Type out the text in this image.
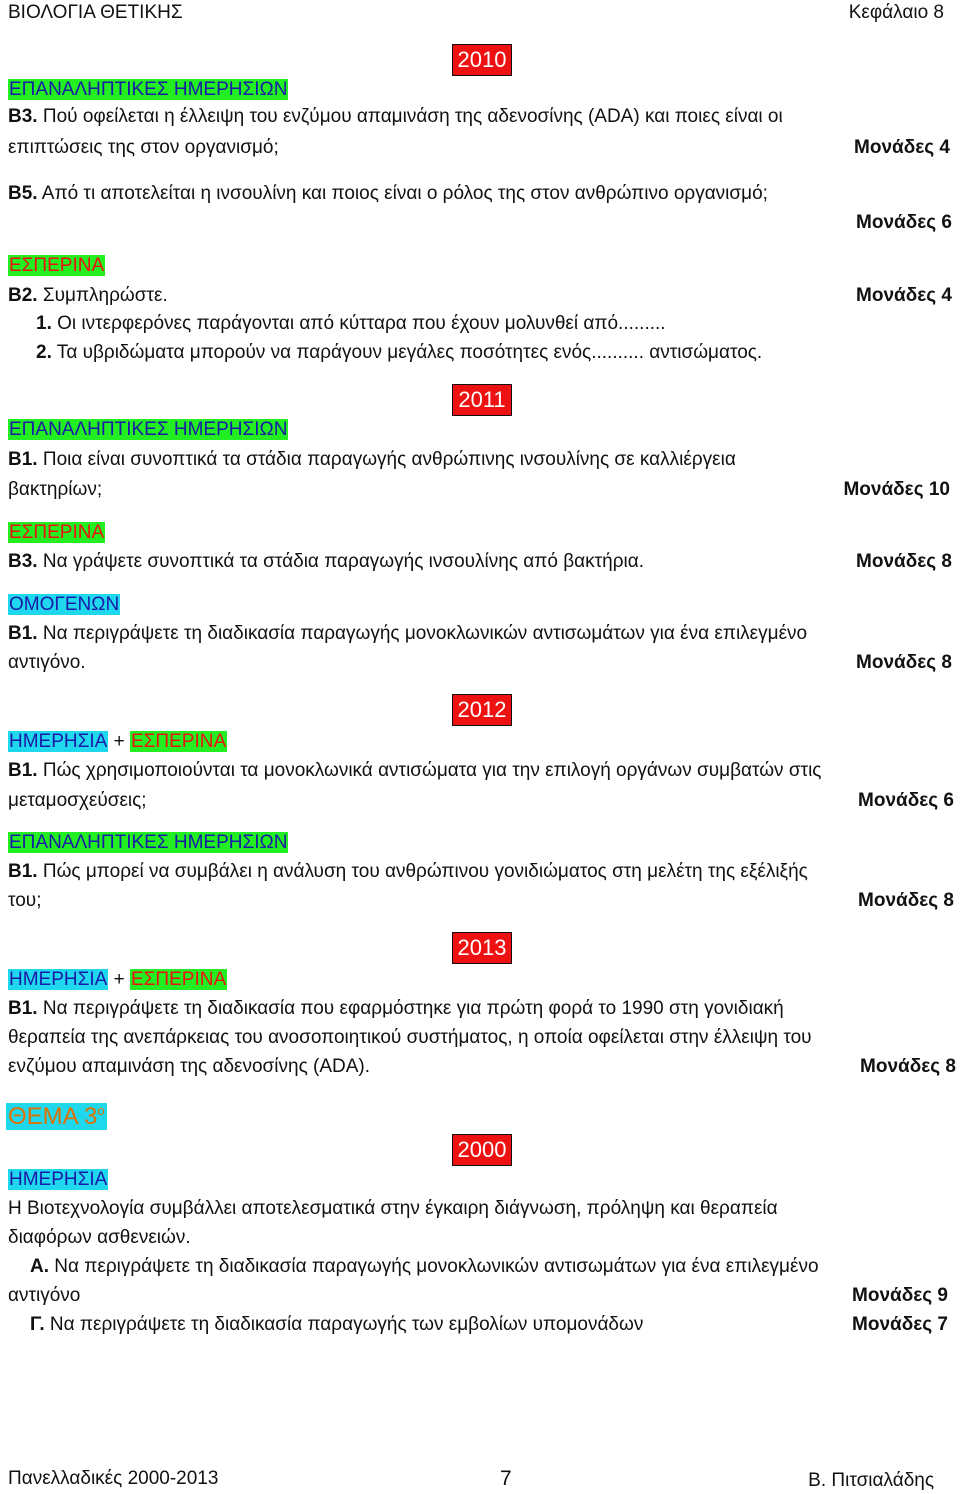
ΒΙΟΛΟΓΙΑ ΘΕΤΙΚΗΣ	Κεφάλαιο 8
2010
ΕΠΑΝΑΛΗΠΤΙΚΕΣ ΗΜΕΡΗΣΙΩΝ
Β3. Πού οφείλεται η έλλειψη του ενζύμου απαμινάση της αδενοσίνης (ADA) και ποιες είναι οι
επιπτώσεις της στον οργανισμό;	Μονάδες 4
Β5. Από τι αποτελείται η ινσουλίνη και ποιος είναι ο ρόλος της στον ανθρώπινο οργανισμό;
Μονάδες 6
ΕΣΠΕΡΙΝΑ
Β2. Συμπληρώστε.	Μονάδες 4
1. Οι ιντερφερόνες παράγονται από κύτταρα που έχουν μολυνθεί από.........
2. Τα υβριδώματα μπορούν να παράγουν μεγάλες ποσότητες ενός.......... αντισώματος.
2011
ΕΠΑΝΑΛΗΠΤΙΚΕΣ ΗΜΕΡΗΣΙΩΝ
Β1. Ποια είναι συνοπτικά τα στάδια παραγωγής ανθρώπινης ινσουλίνης σε καλλιέργεια
βακτηρίων;	Μονάδες 10
ΕΣΠΕΡΙΝΑ
Β3. Να γράψετε συνοπτικά τα στάδια παραγωγής ινσουλίνης από βακτήρια.	Μονάδες 8
ΟΜΟΓΕΝΩΝ
Β1. Να περιγράψετε τη διαδικασία παραγωγής μονοκλωνικών αντισωμάτων για ένα επιλεγμένο
αντιγόνο.	Μονάδες 8
2012
ΗΜΕΡΗΣΙΑ + ΕΣΠΕΡΙΝΑ
Β1. Πώς χρησιμοποιούνται τα μονοκλωνικά αντισώματα για την επιλογή οργάνων συμβατών στις
μεταμοσχεύσεις;	Μονάδες 6
ΕΠΑΝΑΛΗΠΤΙΚΕΣ ΗΜΕΡΗΣΙΩΝ
Β1. Πώς μπορεί να συμβάλει η ανάλυση του ανθρώπινου γονιδιώματος στη μελέτη της εξέλιξής
του;	Μονάδες 8
2013
ΗΜΕΡΗΣΙΑ + ΕΣΠΕΡΙΝΑ
Β1. Να περιγράψετε τη διαδικασία που εφαρμόστηκε για πρώτη φορά το 1990 στη γονιδιακή
θεραπεία της ανεπάρκειας του ανοσοποιητικού συστήματος, η οποία οφείλεται στην έλλειψη του
ενζύμου απαμινάση της αδενοσίνης (ADA).	Μονάδες 8
ΘΕΜΑ $3^o$
2000
ΗΜΕΡΗΣΙΑ
Η Βιοτεχνολογία συμβάλλει αποτελεσματικά στην έγκαιρη διάγνωση, πρόληψη και θεραπεία
διαφόρων ασθενειών.
Α. Να περιγράψετε τη διαδικασία παραγωγής μονοκλωνικών αντισωμάτων για ένα επιλεγμένο
αντιγόνο	Μονάδες 9
Γ. Να περιγράψετε τη διαδικασία παραγωγής των εμβολίων υπομονάδων	Μονάδες 7
Πανελλαδικές 2000-2013	7	Β. Πιτσιαλάδης
